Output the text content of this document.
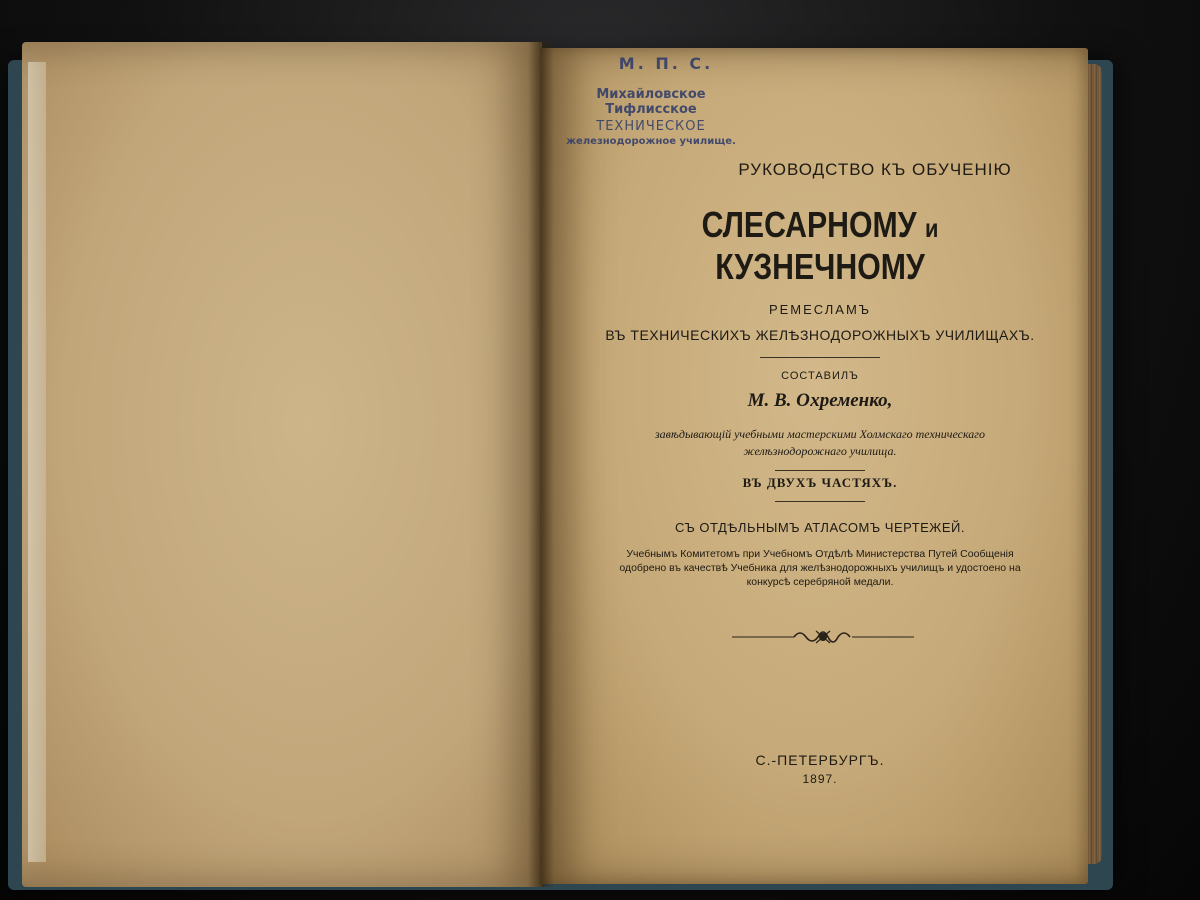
М. П. С.
Михайловское Тифлисское
ТЕХНИЧЕСКОЕ
железнодорожное училище.
РУКОВОДСТВО КЪ ОБУЧЕНІЮ
СЛЕСАРНОМУ и КУЗНЕЧНОМУ
РЕМЕСЛАМЪ
ВЪ ТЕХНИЧЕСКИХЪ ЖЕЛѢЗНОДОРОЖНЫХЪ УЧИЛИЩАХЪ.
СОСТАВИЛЪ
М. В. Охременко,
завѣдывающій учебными мастерскими Холмскаго техническаго желѣзнодорожнаго училища.
ВЪ ДВУХЪ ЧАСТЯХЪ.
СЪ ОТДѢЛЬНЫМЪ АТЛАСОМЪ ЧЕРТЕЖЕЙ.
Учебнымъ Комитетомъ при Учебномъ Отдѣлѣ Министерства Путей Сообщенія одобрено въ качествѣ Учебника для желѣзнодорожныхъ училищъ и удостоено на конкурсѣ серебряной медали.
С.-ПЕТЕРБУРГЪ.
1897.
